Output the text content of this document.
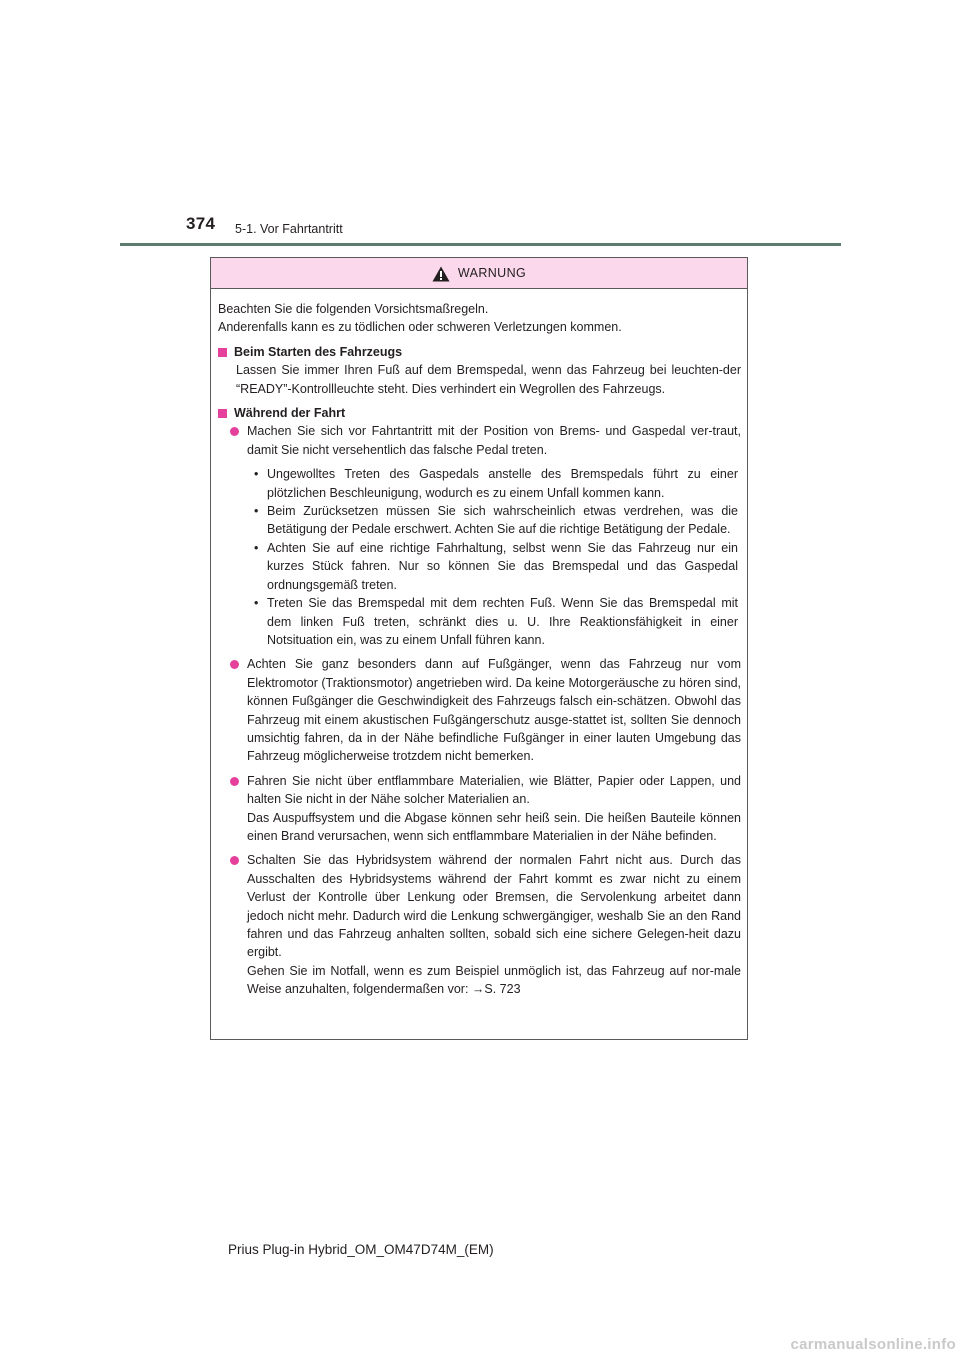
374 5-1. Vor Fahrtantritt
WARNUNG

Beachten Sie die folgenden Vorsichtsmaßregeln.

Anderenfalls kann es zu tödlichen oder schweren Verletzungen kommen.

Beim Starten des Fahrzeugs

Lassen Sie immer Ihren Fuß auf dem Bremspedal, wenn das Fahrzeug bei leuchten-der “READY”-Kontrollleuchte steht. Dies verhindert ein Wegrollen des Fahrzeugs.

Während der Fahrt

Machen Sie sich vor Fahrtantritt mit der Position von Brems- und Gaspedal ver-traut, damit Sie nicht versehentlich das falsche Pedal treten.

• Ungewolltes Treten des Gaspedals anstelle des Bremspedals führt zu einer plötzlichen Beschleunigung, wodurch es zu einem Unfall kommen kann.
• Beim Zurücksetzen müssen Sie sich wahrscheinlich etwas verdrehen, was die Betätigung der Pedale erschwert. Achten Sie auf die richtige Betätigung der Pedale.
• Achten Sie auf eine richtige Fahrhaltung, selbst wenn Sie das Fahrzeug nur ein kurzes Stück fahren. Nur so können Sie das Bremspedal und das Gaspedal ordnungsgemäß treten.
• Treten Sie das Bremspedal mit dem rechten Fuß. Wenn Sie das Bremspedal mit dem linken Fuß treten, schränkt dies u. U. Ihre Reaktionsfähigkeit in einer Notsituation ein, was zu einem Unfall führen kann.

Achten Sie ganz besonders dann auf Fußgänger, wenn das Fahrzeug nur vom Elektromotor (Traktionsmotor) angetrieben wird. Da keine Motorgeräusche zu hören sind, können Fußgänger die Geschwindigkeit des Fahrzeugs falsch ein-schätzen. Obwohl das Fahrzeug mit einem akustischen Fußgängerschutz ausge-stattet ist, sollten Sie dennoch umsichtig fahren, da in der Nähe befindliche Fußgänger in einer lauten Umgebung das Fahrzeug möglicherweise trotzdem nicht bemerken.

Fahren Sie nicht über entflammbare Materialien, wie Blätter, Papier oder Lappen, und halten Sie nicht in der Nähe solcher Materialien an.

Das Auspuffsystem und die Abgase können sehr heiß sein. Die heißen Bauteile können einen Brand verursachen, wenn sich entflammbare Materialien in der Nähe befinden.

Schalten Sie das Hybridsystem während der normalen Fahrt nicht aus. Durch das Ausschalten des Hybridsystems während der Fahrt kommt es zwar nicht zu einem Verlust der Kontrolle über Lenkung oder Bremsen, die Servolenkung arbeitet dann jedoch nicht mehr. Dadurch wird die Lenkung schwergängiger, weshalb Sie an den Rand fahren und das Fahrzeug anhalten sollten, sobald sich eine sichere Gelegen-heit dazu ergibt.

Gehen Sie im Notfall, wenn es zum Beispiel unmöglich ist, das Fahrzeug auf nor-male Weise anzuhalten, folgendermaßen vor: →S. 723

Prius Plug-in Hybrid_OM_OM47D74M_(EM)
carmanualsonline.info
